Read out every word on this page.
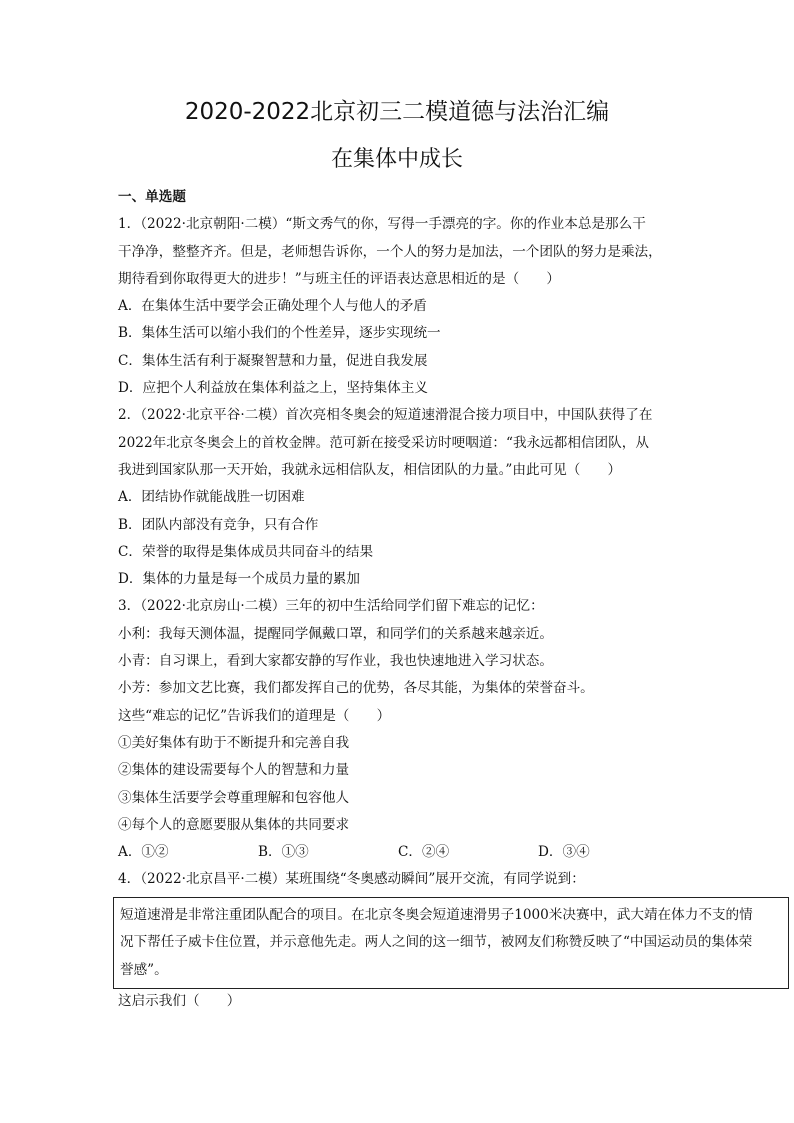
2020-2022北京初三二模道德与法治汇编
在集体中成长
一、单选题
1．（2022·北京朝阳·二模）“斯文秀气的你，写得一手漂亮的字。你的作业本总是那么干
干净净，整整齐齐。但是，老师想告诉你，一个人的努力是加法，一个团队的努力是乘法，
期待看到你取得更大的进步！”与班主任的评语表达意思相近的是（　　）
A．在集体生活中要学会正确处理个人与他人的矛盾
B．集体生活可以缩小我们的个性差异，逐步实现统一
C．集体生活有利于凝聚智慧和力量，促进自我发展
D．应把个人利益放在集体利益之上，坚持集体主义
2．（2022·北京平谷·二模）首次亮相冬奥会的短道速滑混合接力项目中，中国队获得了在
2022年北京冬奥会上的首枚金牌。范可新在接受采访时哽咽道：“我永远都相信团队，从
我进到国家队那一天开始，我就永远相信队友，相信团队的力量。”由此可见（　　）
A．团结协作就能战胜一切困难
B．团队内部没有竞争，只有合作
C．荣誉的取得是集体成员共同奋斗的结果
D．集体的力量是每一个成员力量的累加
3．（2022·北京房山·二模）三年的初中生活给同学们留下难忘的记忆：
小利：我每天测体温，提醒同学佩戴口罩，和同学们的关系越来越亲近。
小青：自习课上，看到大家都安静的写作业，我也快速地进入学习状态。
小芳：参加文艺比赛，我们都发挥自己的优势，各尽其能，为集体的荣誉奋斗。
这些“难忘的记忆”告诉我们的道理是（　　）
①美好集体有助于不断提升和完善自我
②集体的建设需要每个人的智慧和力量
③集体生活要学会尊重理解和包容他人
④每个人的意愿要服从集体的共同要求
A．①②	B．①③	C．②④	D．③④
4．（2022·北京昌平·二模）某班围绕“冬奥感动瞬间”展开交流，有同学说到：
短道速滑是非常注重团队配合的项目。在北京冬奥会短道速滑男子1000米决赛中，武大靖在体力不支的情
况下帮任子威卡住位置，并示意他先走。两人之间的这一细节，被网友们称赞反映了“中国运动员的集体荣
誉感”。
这启示我们（　　）
